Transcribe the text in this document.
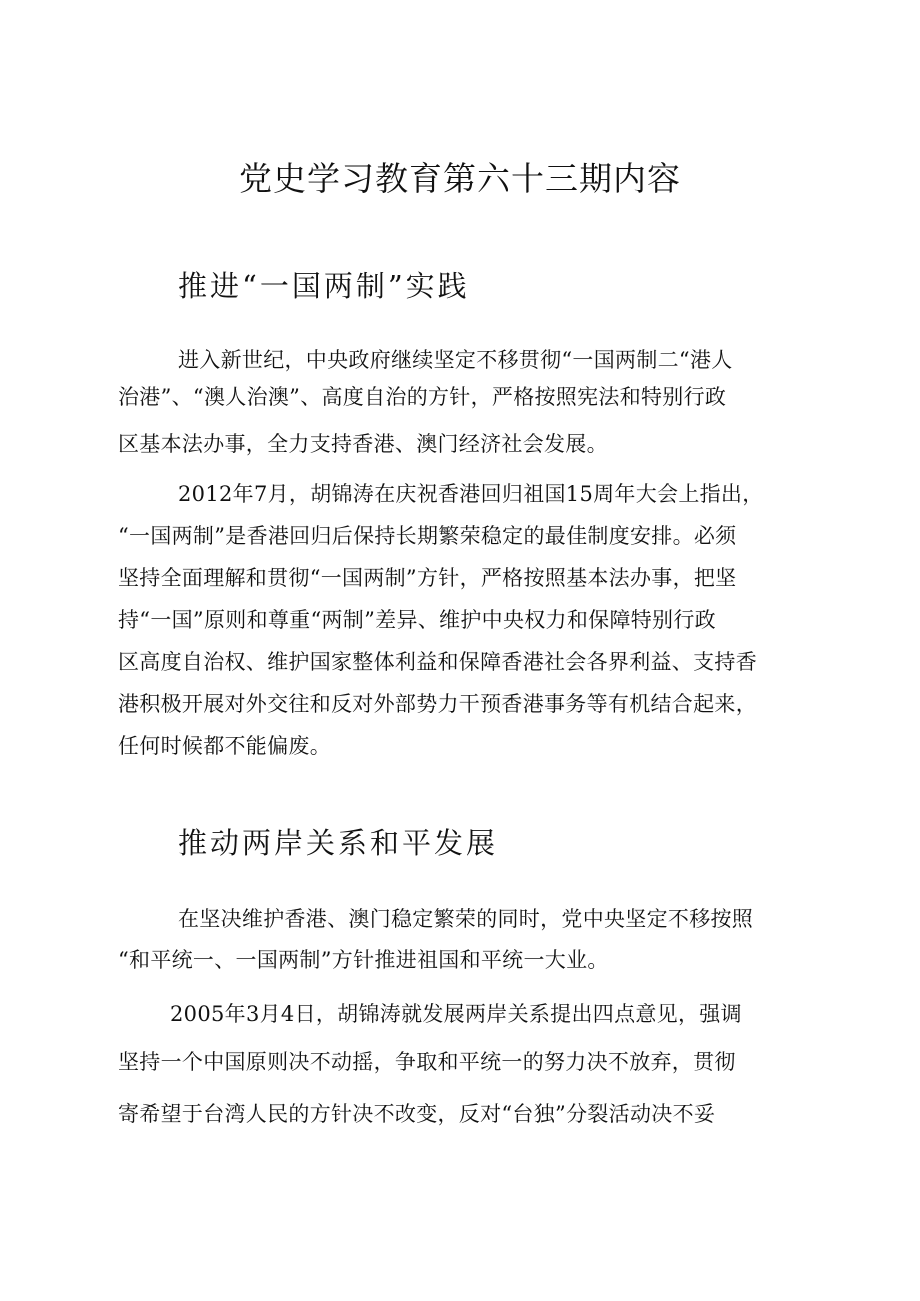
党史学习教育第六十三期内容
推进“一国两制”实践
进入新世纪，中央政府继续坚定不移贯彻“一国两制二“港人
治港”、“澳人治澳”、高度自治的方针，严格按照宪法和特别行政
区基本法办事，全力支持香港、澳门经济社会发展。
2012年7月，胡锦涛在庆祝香港回归祖国15周年大会上指出，
“一国两制”是香港回归后保持长期繁荣稳定的最佳制度安排。必须
坚持全面理解和贯彻“一国两制”方针，严格按照基本法办事，把坚
持“一国”原则和尊重“两制”差异、维护中央权力和保障特别行政
区高度自治权、维护国家整体利益和保障香港社会各界利益、支持香
港积极开展对外交往和反对外部势力干预香港事务等有机结合起来，
任何时候都不能偏废。
推动两岸关系和平发展
在坚决维护香港、澳门稳定繁荣的同时，党中央坚定不移按照
“和平统一、一国两制”方针推进祖国和平统一大业。
2005年3月4日，胡锦涛就发展两岸关系提出四点意见，强调
坚持一个中国原则决不动摇，争取和平统一的努力决不放弃，贯彻
寄希望于台湾人民的方针决不改变，反对“台独”分裂活动决不妥
